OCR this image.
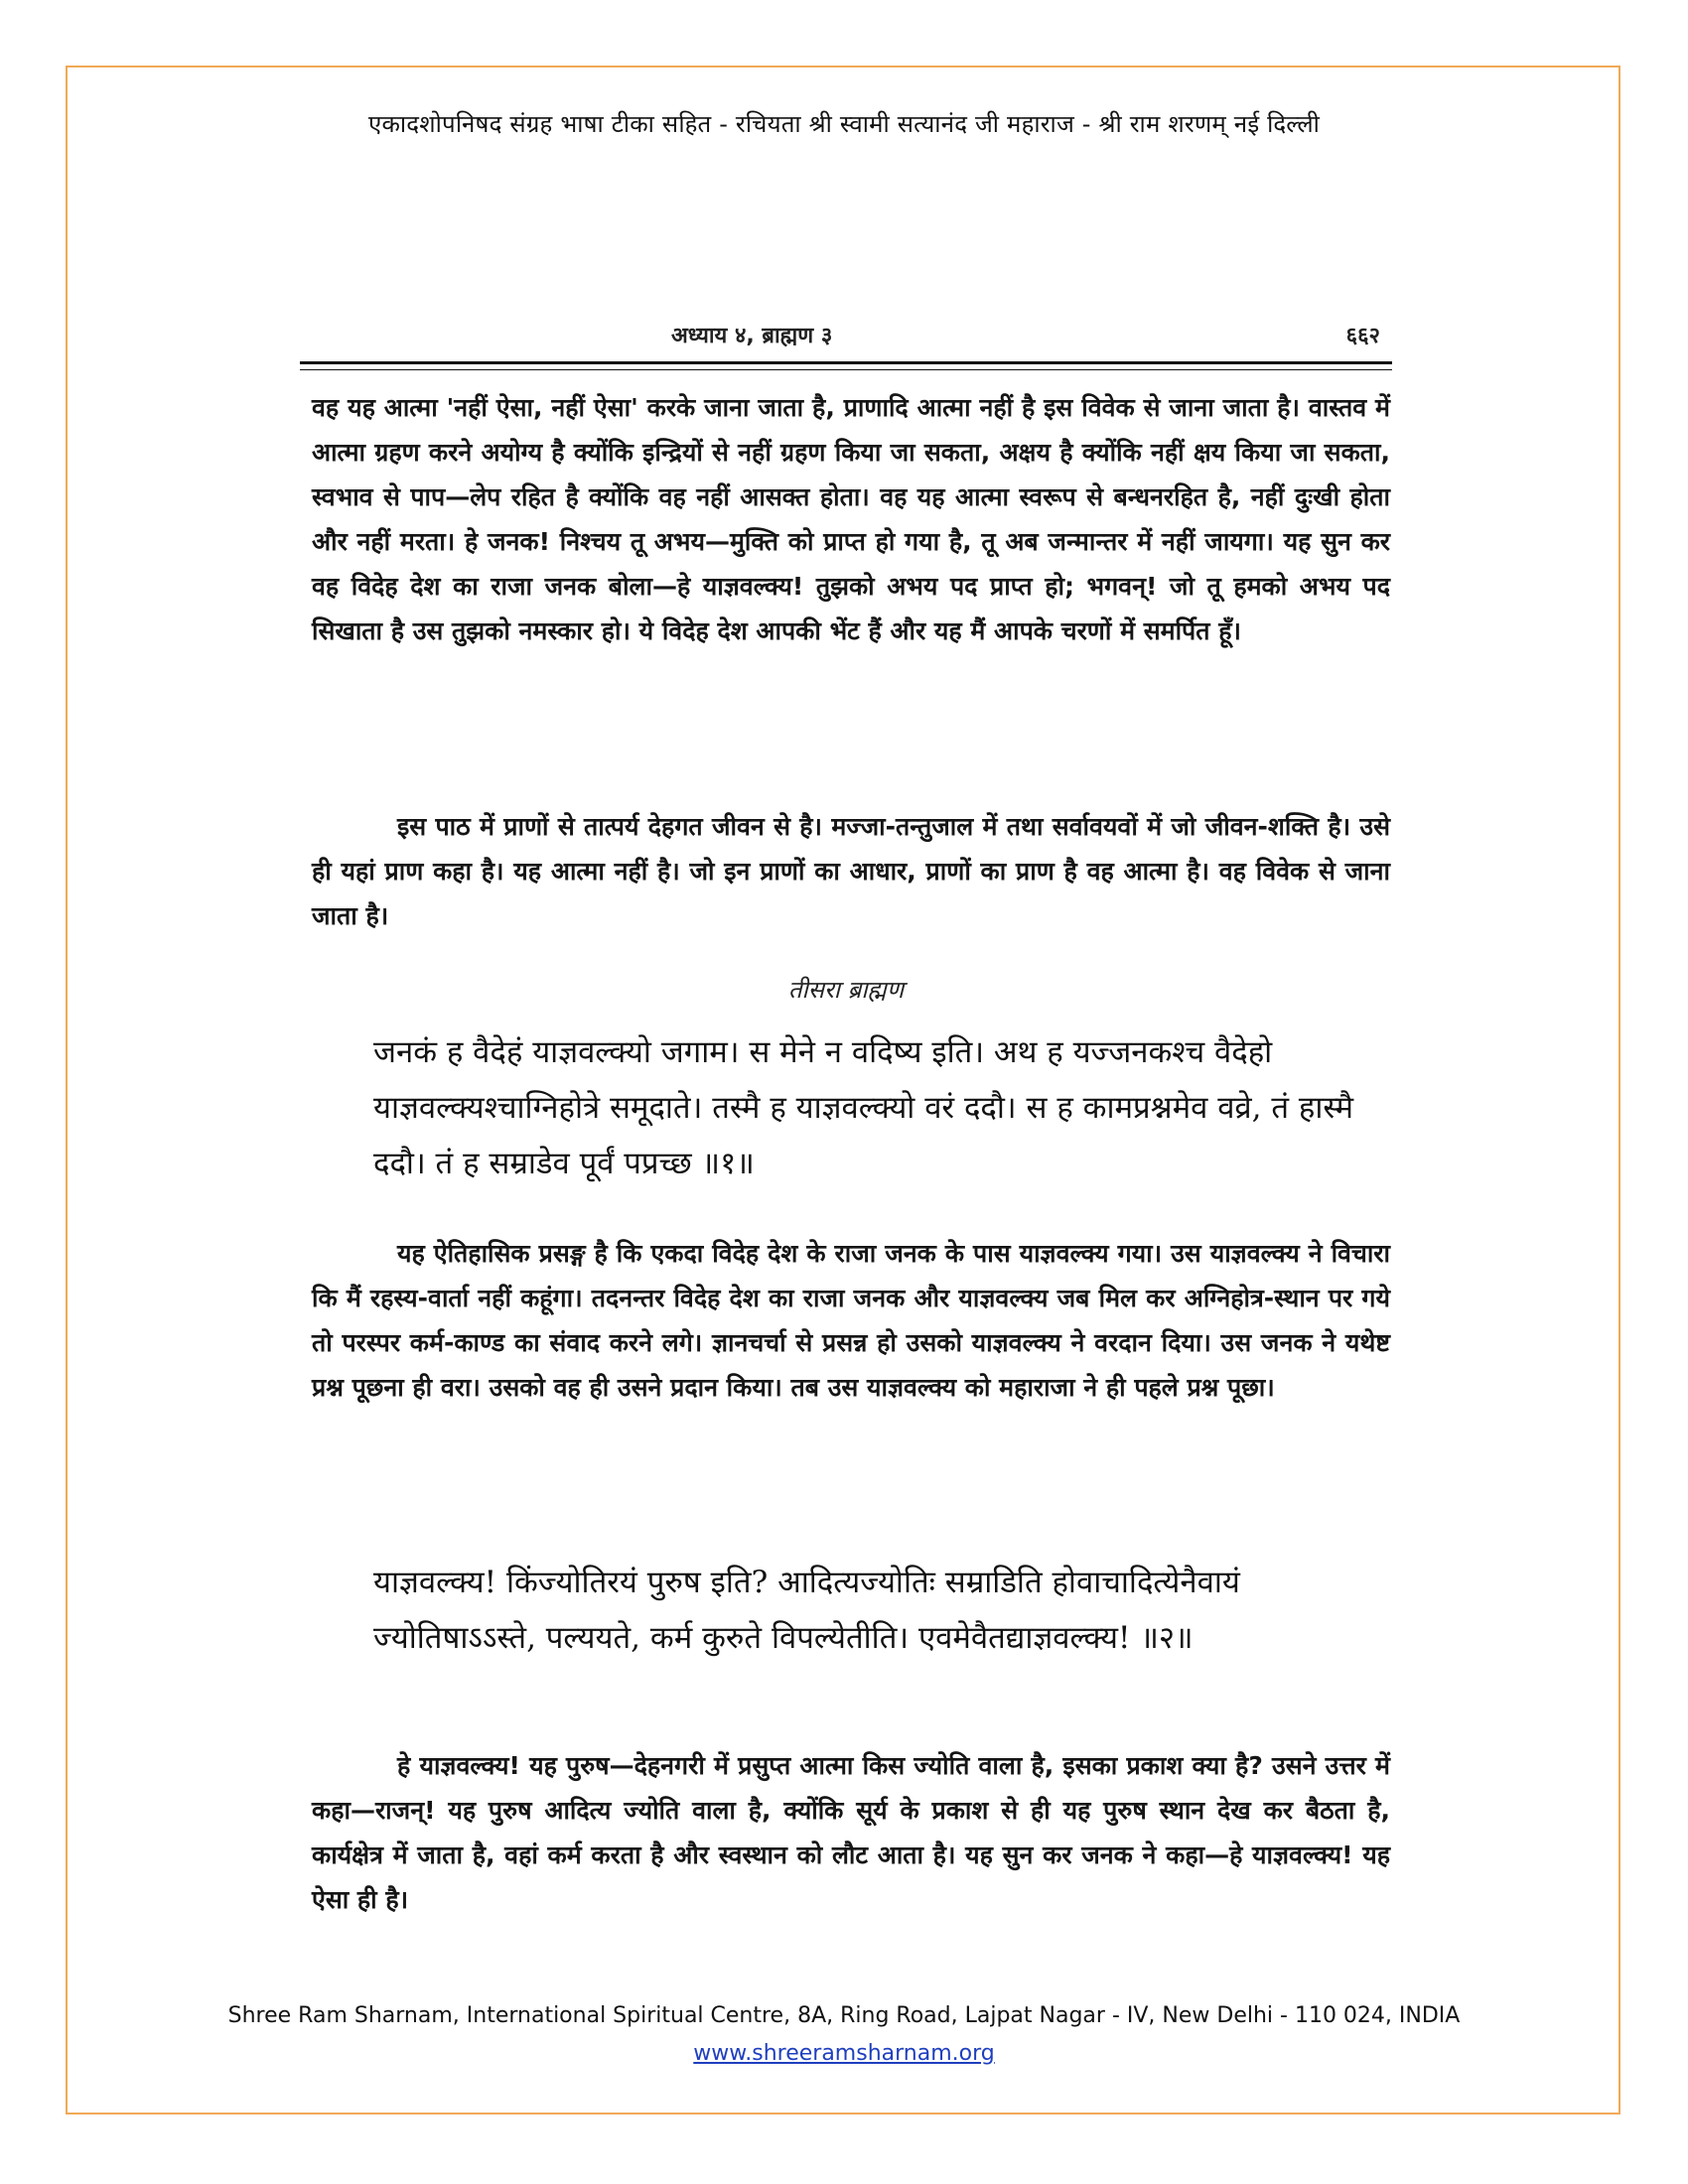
एकादशोपनिषद संग्रह भाषा टीका सहित - रचियता श्री स्वामी सत्यानंद जी महाराज - श्री राम शरणम् नई दिल्ली
अध्याय ४, ब्राह्मण ३	६६२

वह यह आत्मा 'नहीं ऐसा, नहीं ऐसा' करके जाना जाता है, प्राणादि आत्मा नहीं है इस विवेक से जाना जाता है। वास्तव में आत्मा ग्रहण करने अयोग्य है क्योंकि इन्द्रियों से नहीं ग्रहण किया जा सकता, अक्षय है क्योंकि नहीं क्षय किया जा सकता, स्वभाव से पाप—लेप रहित है क्योंकि वह नहीं आसक्त होता। वह यह आत्मा स्वरूप से बन्धनरहित है, नहीं दुःखी होता और नहीं मरता। हे जनक! निश्चय तू अभय—मुक्ति को प्राप्त हो गया है, तू अब जन्मान्तर में नहीं जायगा। यह सुन कर वह विदेह देश का राजा जनक बोला—हे याज्ञवल्क्य! तुझको अभय पद प्राप्त हो; भगवन्! जो तू हमको अभय पद सिखाता है उस तुझको नमस्कार हो। ये विदेह देश आपकी भेंट हैं और यह मैं आपके चरणों में समर्पित हूँ।

इस पाठ में प्राणों से तात्पर्य देहगत जीवन से है। मज्जा-तन्तुजाल में तथा सर्वावयवों में जो जीवन-शक्ति है। उसे ही यहां प्राण कहा है। यह आत्मा नहीं है। जो इन प्राणों का आधार, प्राणों का प्राण है वह आत्मा है। वह विवेक से जाना जाता है।

तीसरा ब्राह्मण

जनकं ह वैदेहं याज्ञवल्क्यो जगाम। स मेने न वदिष्य इति। अथ ह यज्जनकश्च वैदेहो याज्ञवल्क्यश्चाग्निहोत्रे समूदाते। तस्मै ह याज्ञवल्क्यो वरं ददौ। स ह कामप्रश्नमेव वव्रे, तं हास्मै ददौ। तं ह सम्राडेव पूर्वं पप्रच्छ ॥१॥

यह ऐतिहासिक प्रसङ्ग है कि एकदा विदेह देश के राजा जनक के पास याज्ञवल्क्य गया। उस याज्ञवल्क्य ने विचारा कि मैं रहस्य-वार्ता नहीं कहूंगा। तदनन्तर विदेह देश का राजा जनक और याज्ञवल्क्य जब मिल कर अग्निहोत्र-स्थान पर गये तो परस्पर कर्म-काण्ड का संवाद करने लगे। ज्ञानचर्चा से प्रसन्न हो उसको याज्ञवल्क्य ने वरदान दिया। उस जनक ने यथेष्ट प्रश्न पूछना ही वरा। उसको वह ही उसने प्रदान किया। तब उस याज्ञवल्क्य को महाराजा ने ही पहले प्रश्न पूछा।

याज्ञवल्क्य! किंज्योतिरयं पुरुष इति? आदित्यज्योतिः सम्राडिति होवाचादित्येनैवायं ज्योतिषाऽऽस्ते, पल्ययते, कर्म कुरुते विपल्येतीति। एवमेवैतद्याज्ञवल्क्य! ॥२॥

हे याज्ञवल्क्य! यह पुरुष—देहनगरी में प्रसुप्त आत्मा किस ज्योति वाला है, इसका प्रकाश क्या है? उसने उत्तर में कहा—राजन्! यह पुरुष आदित्य ज्योति वाला है, क्योंकि सूर्य के प्रकाश से ही यह पुरुष स्थान देख कर बैठता है, कार्यक्षेत्र में जाता है, वहां कर्म करता है और स्वस्थान को लौट आता है। यह सुन कर जनक ने कहा—हे याज्ञवल्क्य! यह ऐसा ही है।

Shree Ram Sharnam, International Spiritual Centre, 8A, Ring Road, Lajpat Nagar - IV, New Delhi - 110 024, INDIA
www.shreeramsharnam.org
